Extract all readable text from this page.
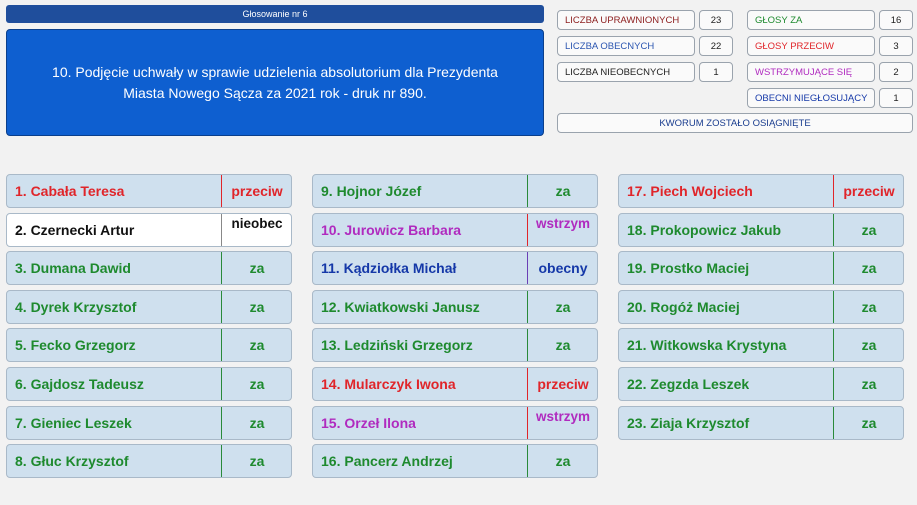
Głosowanie nr 6
10. Podjęcie uchwały w sprawie udzielenia absolutorium dla Prezydenta Miasta Nowego Sącza za 2021 rok - druk nr 890.
LICZBA UPRAWNIONYCH	23
LICZBA OBECNYCH	22
LICZBA NIEOBECNYCH	1
GŁOSY ZA	16
GŁOSY PRZECIW	3
WSTRZYMUJĄCE SIĘ	2
OBECNI NIEGŁOSUJĄCY	1
KWORUM ZOSTAŁO OSIĄGNIĘTE
1. Cabała Teresa	przeciw
2. Czernecki Artur	nieobec
3. Dumana Dawid	za
4. Dyrek Krzysztof	za
5. Fecko Grzegorz	za
6. Gajdosz Tadeusz	za
7. Gieniec Leszek	za
8. Głuc Krzysztof	za
9. Hojnor Józef	za
10. Jurowicz Barbara	wstrzym
11. Kądziołka Michał	obecny
12. Kwiatkowski Janusz	za
13. Ledziński Grzegorz	za
14. Mularczyk Iwona	przeciw
15. Orzeł Ilona	wstrzym
16. Pancerz Andrzej	za
17. Piech Wojciech	przeciw
18. Prokopowicz Jakub	za
19. Prostko Maciej	za
20. Rogóż Maciej	za
21. Witkowska Krystyna	za
22. Zegzda Leszek	za
23. Ziaja Krzysztof	za
